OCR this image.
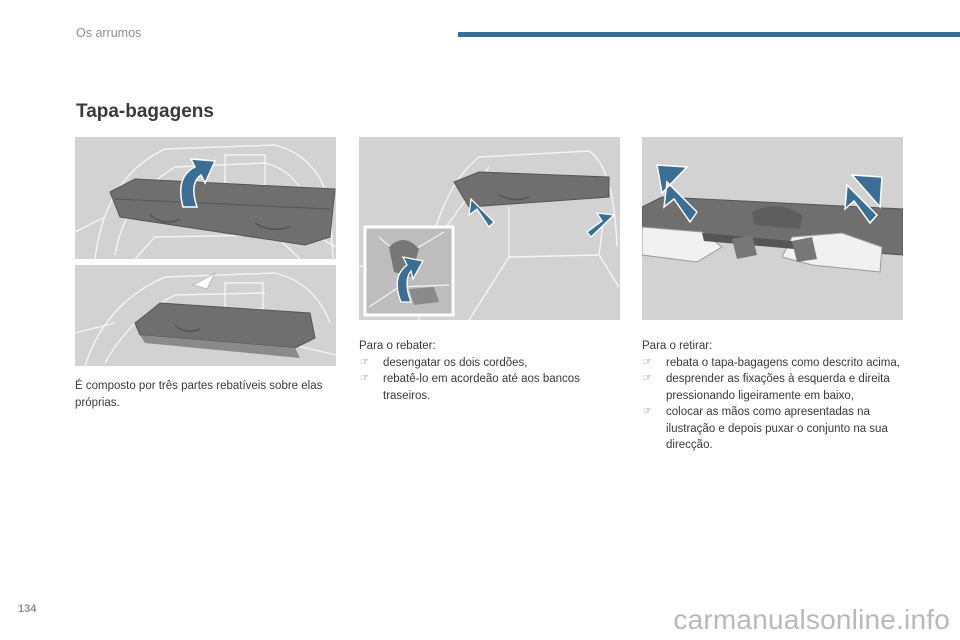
Os arrumos
Tapa-bagagens

É composto por três partes rebatíveis sobre elas próprias.

Para o rebater:

☞ desengatar os dois cordões,
☞ rebatê-lo em acordeão até aos bancos traseiros.

Para o retirar:

☞ rebata o tapa-bagagens como descrito acima,
☞ desprender as fixações à esquerda e direita pressionando ligeiramente em baixo,
☞ colocar as mãos como apresentadas na ilustração e depois puxar o conjunto na sua direcção.
134	carmanualsonline.info
